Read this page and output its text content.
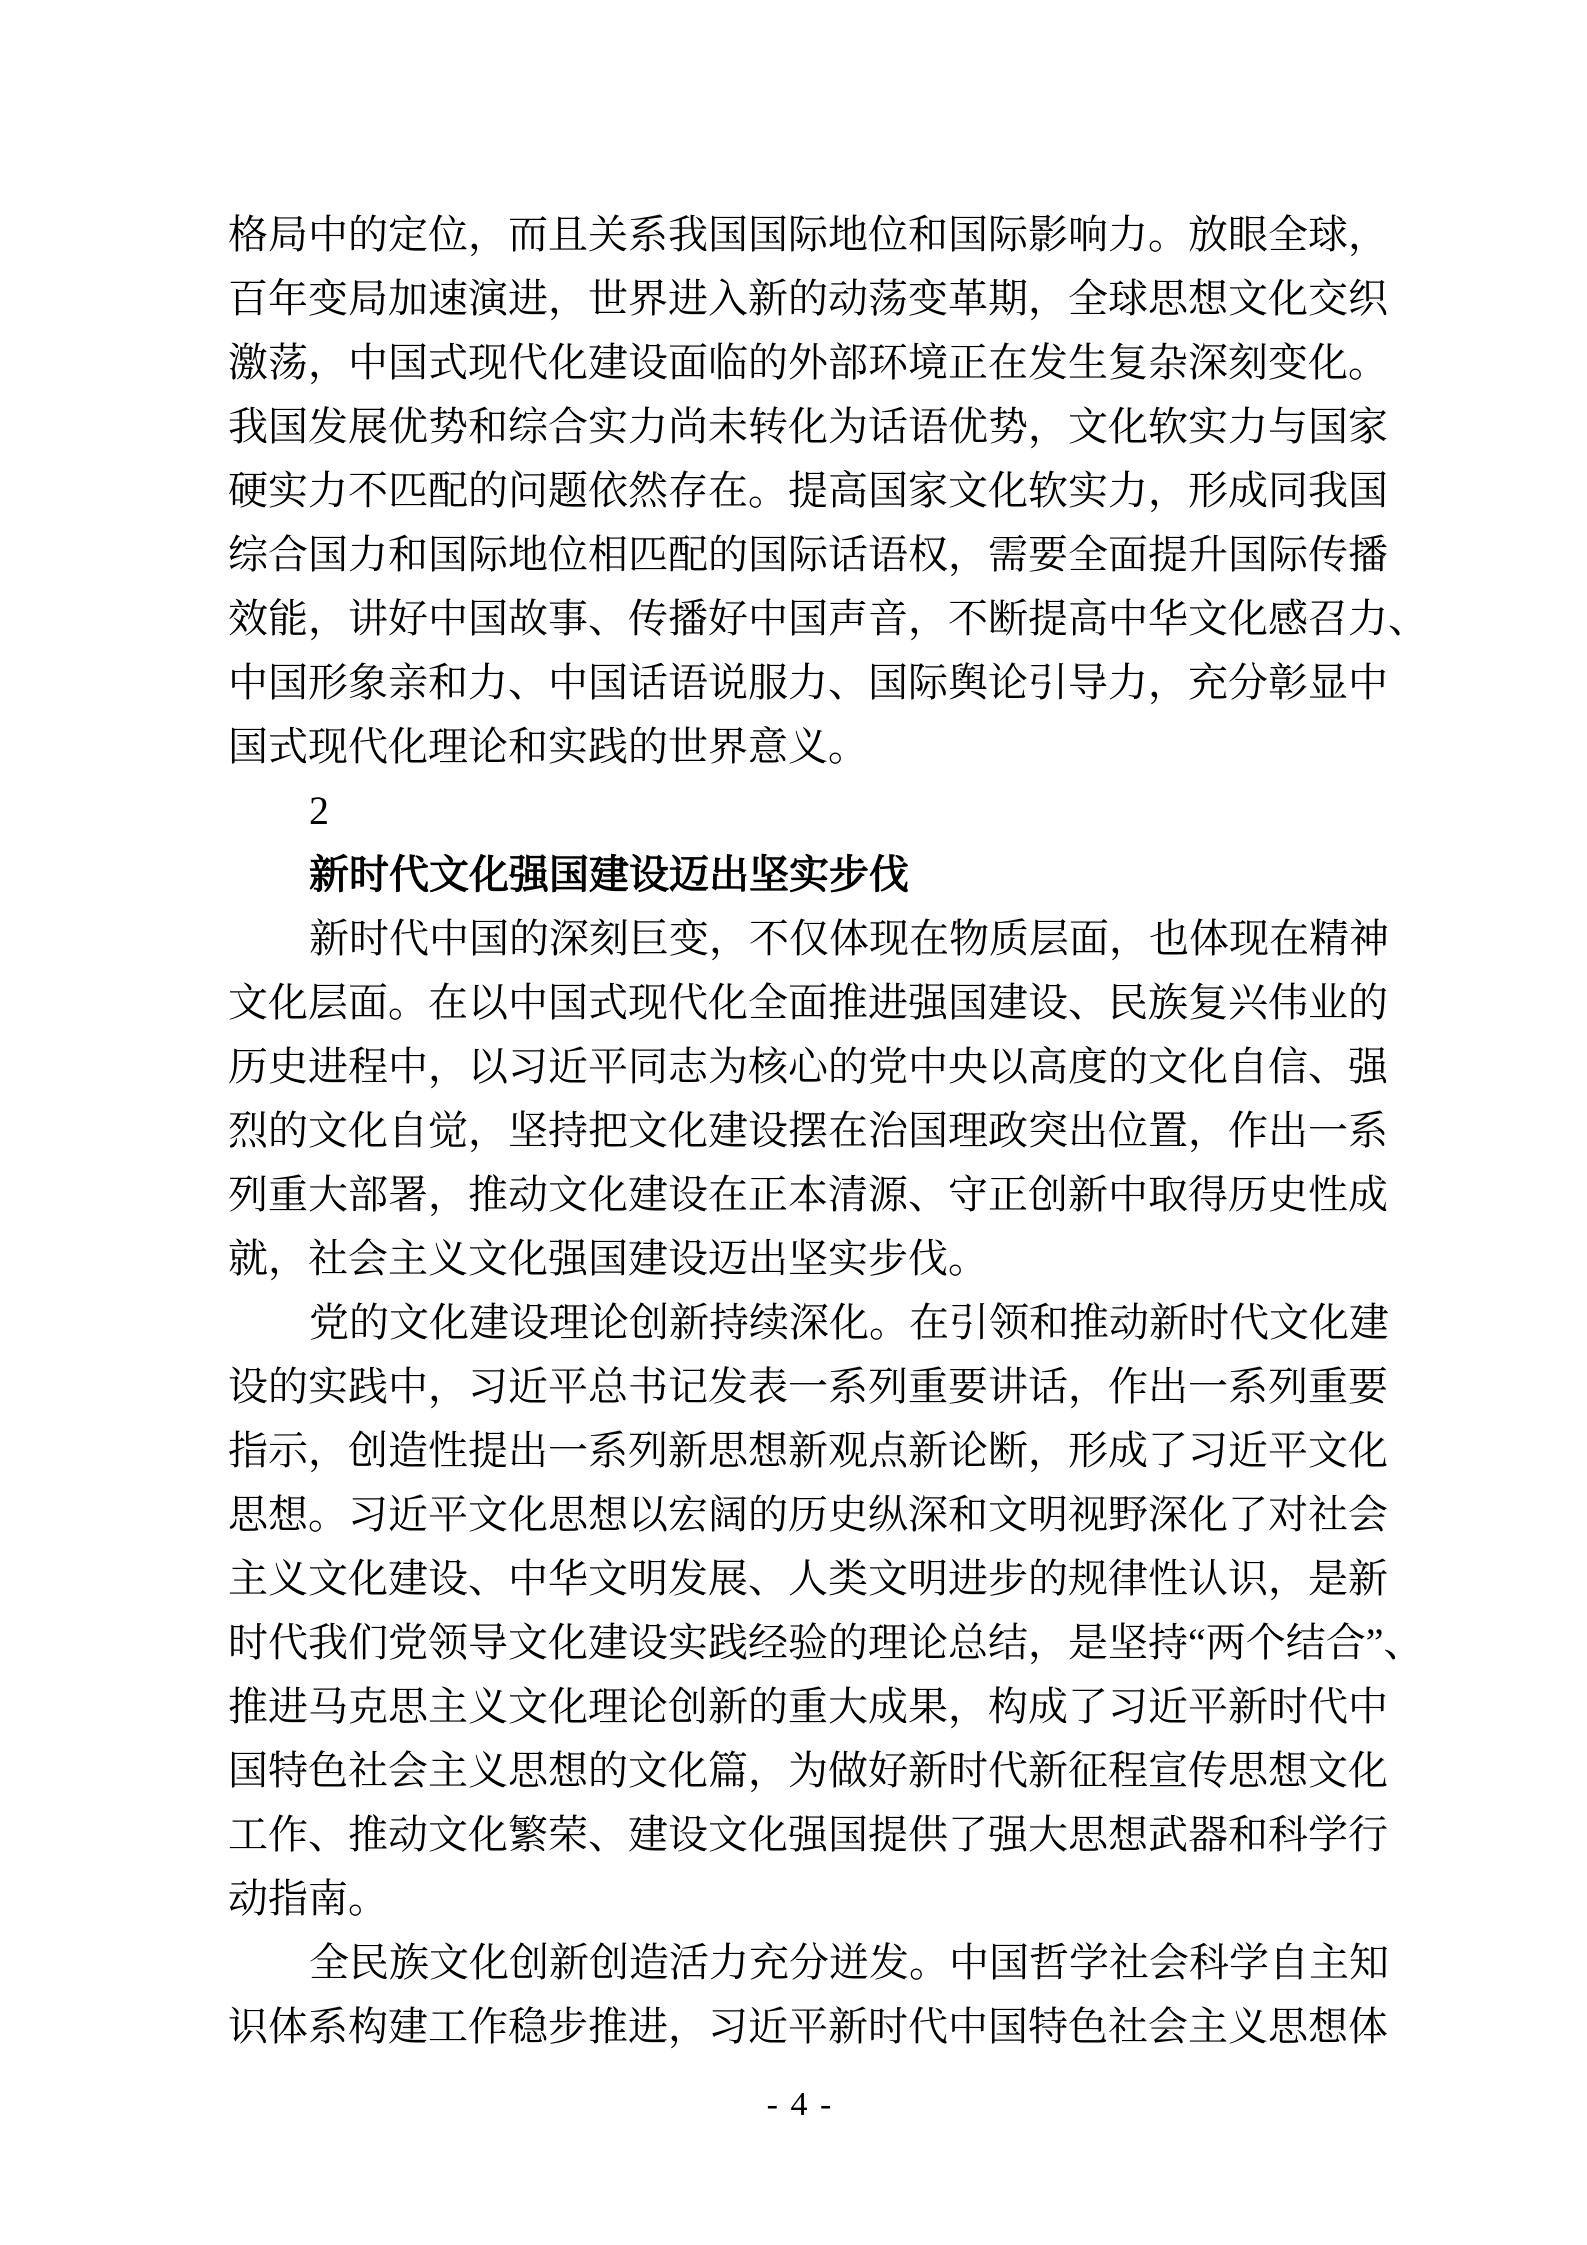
格 局 中 的 定 位 ， 而 且 关 系 我 国 国 际 地 位 和 国 际 影 响 力 。 放 眼 全 球 ，
百 年 变 局 加 速 演 进 ， 世 界 进 入 新 的 动 荡 变 革 期 ， 全 球 思 想 文 化 交 织
激 荡 ， 中 国 式 现 代 化 建 设 面 临 的 外 部 环 境 正 在 发 生 复 杂 深 刻 变 化 。
我 国 发 展 优 势 和 综 合 实 力 尚 未 转 化 为 话 语 优 势 ， 文 化 软 实 力 与 国 家
硬 实 力 不 匹 配 的 问 题 依 然 存 在 。 提 高 国 家 文 化 软 实 力 ， 形 成 同 我 国
综 合 国 力 和 国 际 地 位 相 匹 配 的 国 际 话 语 权 ， 需 要 全 面 提 升 国 际 传 播
效 能 ， 讲 好 中 国 故 事 、 传 播 好 中 国 声 音 ， 不 断 提 高 中 华 文 化 感 召 力 、
中 国 形 象 亲 和 力 、 中 国 话 语 说 服 力 、 国 际 舆 论 引 导 力 ， 充 分 彰 显 中
国式现代化理论和实践的世界意义。
2
新时代文化强国建设迈出坚实步伐
新 时 代 中 国 的 深 刻 巨 变 ， 不 仅 体 现 在 物 质 层 面 ， 也 体 现 在 精 神
文 化 层 面 。 在 以 中 国 式 现 代 化 全 面 推 进 强 国 建 设 、 民 族 复 兴 伟 业 的
历 史 进 程 中 ， 以 习 近 平 同 志 为 核 心 的 党 中 央 以 高 度 的 文 化 自 信 、 强
烈 的 文 化 自 觉 ， 坚 持 把 文 化 建 设 摆 在 治 国 理 政 突 出 位 置 ， 作 出 一 系
列 重 大 部 署 ， 推 动 文 化 建 设 在 正 本 清 源 、 守 正 创 新 中 取 得 历 史 性 成
就，社会主义文化强国建设迈出坚实步伐。
党 的 文 化 建 设 理 论 创 新 持 续 深 化 。 在 引 领 和 推 动 新 时 代 文 化 建
设 的 实 践 中 ， 习 近 平 总 书 记 发 表 一 系 列 重 要 讲 话 ， 作 出 一 系 列 重 要
指 示 ， 创 造 性 提 出 一 系 列 新 思 想 新 观 点 新 论 断 ， 形 成 了 习 近 平 文 化
思 想 。 习 近 平 文 化 思 想 以 宏 阔 的 历 史 纵 深 和 文 明 视 野 深 化 了 对 社 会
主 义 文 化 建 设 、 中 华 文 明 发 展 、 人 类 文 明 进 步 的 规 律 性 认 识 ， 是 新
时 代 我 们 党 领 导 文 化 建 设 实 践 经 验 的 理 论 总 结 ， 是 坚 持 “ 两 个 结 合 ” 、
推 进 马 克 思 主 义 文 化 理 论 创 新 的 重 大 成 果 ， 构 成 了 习 近 平 新 时 代 中
国 特 色 社 会 主 义 思 想 的 文 化 篇 ， 为 做 好 新 时 代 新 征 程 宣 传 思 想 文 化
工 作 、 推 动 文 化 繁 荣 、 建 设 文 化 强 国 提 供 了 强 大 思 想 武 器 和 科 学 行
动指南。
全 民 族 文 化 创 新 创 造 活 力 充 分 迸 发 。 中 国 哲 学 社 会 科 学 自 主 知
识 体 系 构 建 工 作 稳 步 推 进 ， 习 近 平 新 时 代 中 国 特 色 社 会 主 义 思 想 体
- 4 -
